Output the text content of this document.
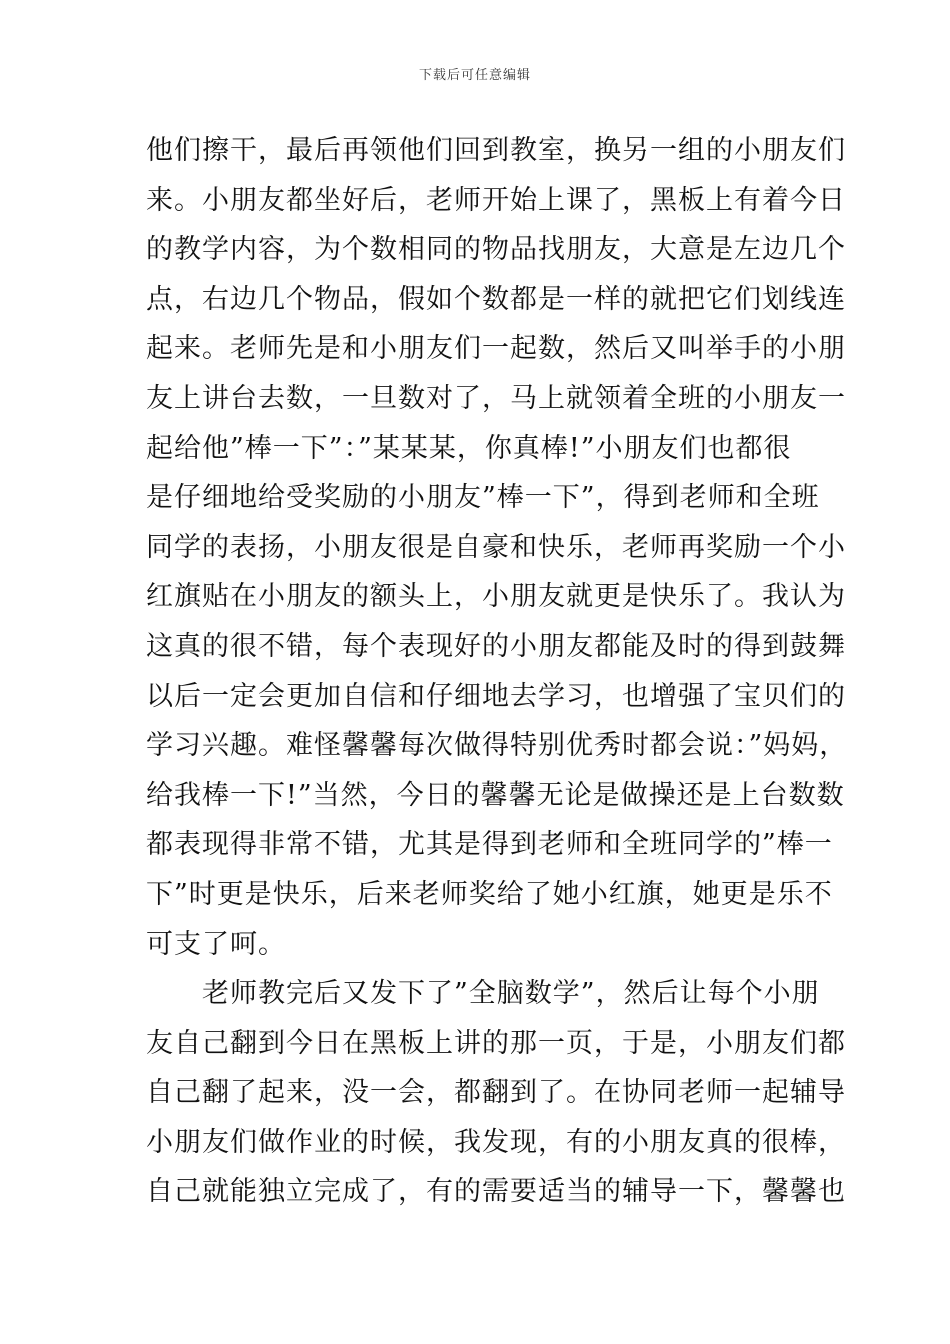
下载后可任意编辑
他们擦干，最后再领他们回到教室，换另一组的小朋友们
来。小朋友都坐好后，老师开始上课了，黑板上有着今日
的教学内容，为个数相同的物品找朋友，大意是左边几个
点，右边几个物品，假如个数都是一样的就把它们划线连
起来。老师先是和小朋友们一起数，然后又叫举手的小朋
友上讲台去数，一旦数对了，马上就领着全班的小朋友一
起给他”棒一下”：”某某某，你真棒!”小朋友们也都很
是仔细地给受奖励的小朋友”棒一下”，得到老师和全班
同学的表扬，小朋友很是自豪和快乐，老师再奖励一个小
红旗贴在小朋友的额头上，小朋友就更是快乐了。我认为
这真的很不错，每个表现好的小朋友都能及时的得到鼓舞
以后一定会更加自信和仔细地去学习，也增强了宝贝们的
学习兴趣。难怪馨馨每次做得特别优秀时都会说：”妈妈，
给我棒一下!”当然，今日的馨馨无论是做操还是上台数数
都表现得非常不错，尤其是得到老师和全班同学的”棒一
下”时更是快乐，后来老师奖给了她小红旗，她更是乐不
可支了呵。
老师教完后又发下了”全脑数学”，然后让每个小朋
友自己翻到今日在黑板上讲的那一页，于是，小朋友们都
自己翻了起来，没一会，都翻到了。在协同老师一起辅导
小朋友们做作业的时候，我发现，有的小朋友真的很棒，
自己就能独立完成了，有的需要适当的辅导一下，馨馨也
